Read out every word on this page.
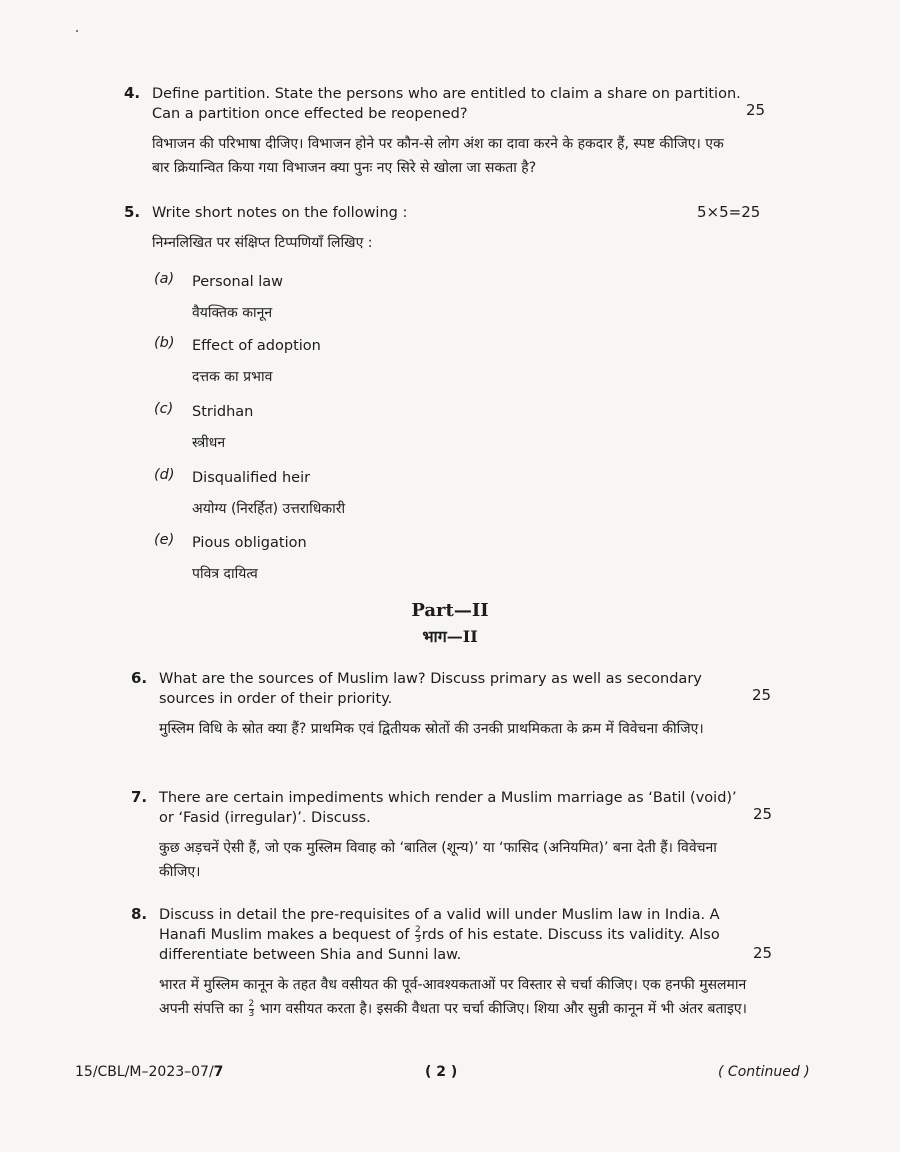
4. Define partition. State the persons who are entitled to claim a share on partition. Can a partition once effected be reopened?
विभाजन की परिभाषा दीजिए। विभाजन होने पर कौन-से लोग अंश का दावा करने के हकदार हैं, स्पष्ट कीजिए। एक बार क्रियान्वित किया गया विभाजन क्या पुनः नए सिरे से खोला जा सकता है?
25
5. Write short notes on the following :
निम्नलिखित पर संक्षिप्त टिप्पणियाँ लिखिए :
5×5=25
(a) Personal law
वैयक्तिक कानून
(b) Effect of adoption
दत्तक का प्रभाव
(c) Stridhan
स्त्रीधन
(d) Disqualified heir
अयोग्य (निरर्हित) उत्तराधिकारी
(e) Pious obligation
पवित्र दायित्व
Part—II
भाग—II
6. What are the sources of Muslim law? Discuss primary as well as secondary sources in order of their priority.
मुस्लिम विधि के स्रोत क्या हैं? प्राथमिक एवं द्वितीयक स्रोतों की उनकी प्राथमिकता के क्रम में विवेचना कीजिए।
25
7. There are certain impediments which render a Muslim marriage as ‘Batil (void)’ or ‘Fasid (irregular)’. Discuss.
कुछ अड़चनें ऐसी हैं, जो एक मुस्लिम विवाह को ‘बातिल (शून्य)’ या ‘फासिद (अनियमित)’ बना देती हैं। विवेचना कीजिए।
25
8. Discuss in detail the pre-requisites of a valid will under Muslim law in India. A Hanafi Muslim makes a bequest of $\frac{2}{3}$ rds of his estate. Discuss its validity. Also differentiate between Shia and Sunni law.
भारत में मुस्लिम कानून के तहत वैध वसीयत की पूर्व-आवश्यकताओं पर विस्तार से चर्चा कीजिए। एक हनफी मुसलमान अपनी संपत्ति का $\frac{2}{3}$ भाग वसीयत करता है। इसकी वैधता पर चर्चा कीजिए। शिया और सुन्नी कानून में भी अंतर बताइए।
25
15/CBL/M–2023–07/7	( 2 )	( Continued )
